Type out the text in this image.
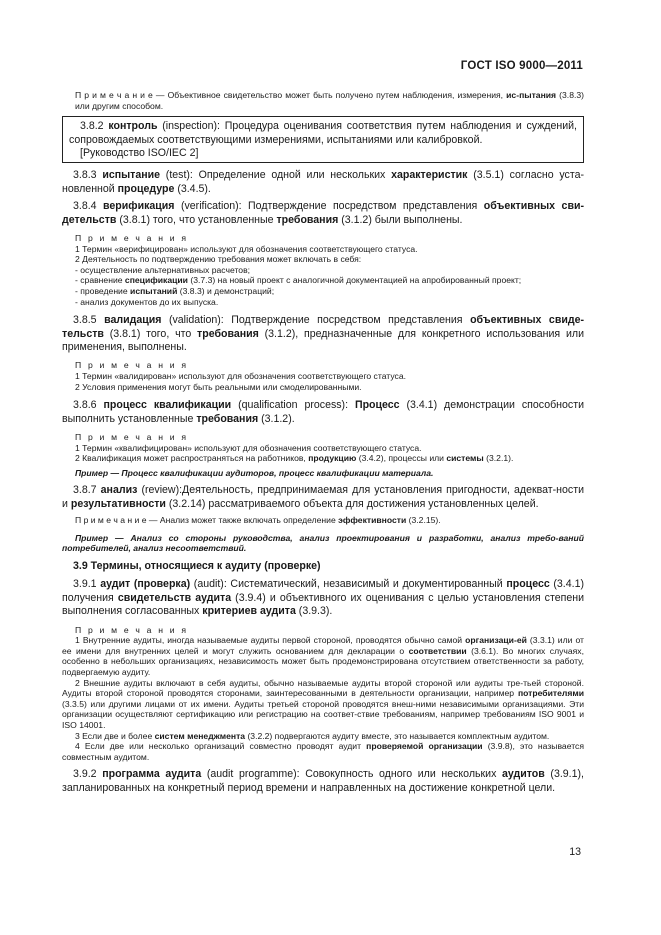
ГОСТ ISO 9000—2011

П р и м е ч а н и е — Объективное свидетельство может быть получено путем наблюдения, измерения, ис-пытания (3.8.3) или другим способом.

3.8.2 контроль (inspection): Процедура оценивания соответствия путем наблюдения и суждений, сопровождаемых соответствующими измерениями, испытаниями или калибровкой.

[Руководство ISO/IEC 2]

3.8.3 испытание (test): Определение одной или нескольких характеристик (3.5.1) согласно уста-новленной процедуре (3.4.5).

3.8.4 верификация (verification): Подтверждение посредством представления объективных сви-детельств (3.8.1) того, что установленные требования (3.1.2) были выполнены.

П р и м е ч а н и я

1 Термин «верифицирован» используют для обозначения соответствующего статуса.

2 Деятельность по подтверждению требования может включать в себя:

- осуществление альтернативных расчетов;

- сравнение спецификации (3.7.3) на новый проект с аналогичной документацией на апробированный проект;

- проведение испытаний (3.8.3) и демонстраций;

- анализ документов до их выпуска.

3.8.5 валидация (validation): Подтверждение посредством представления объективных свиде-тельств (3.8.1) того, что требования (3.1.2), предназначенные для конкретного использования или применения, выполнены.

П р и м е ч а н и я

1 Термин «валидирован» используют для обозначения соответствующего статуса.

2 Условия применения могут быть реальными или смоделированными.

3.8.6 процесс квалификации (qualification process): Процесс (3.4.1) демонстрации способности выполнить установленные требования (3.1.2).

П р и м е ч а н и я

1 Термин «квалифицирован» используют для обозначения соответствующего статуса.

2 Квалификация может распространяться на работников, продукцию (3.4.2), процессы или системы (3.2.1).

Пример — Процесс квалификации аудиторов, процесс квалификации материала.

3.8.7 анализ (review):Деятельность, предпринимаемая для установления пригодности, адекват-ности и результативности (3.2.14) рассматриваемого объекта для достижения установленных целей.

П р и м е ч а н и е — Анализ может также включать определение эффективности (3.2.15).

Пример — Анализ со стороны руководства, анализ проектирования и разработки, анализ требо-ваний потребителей, анализ несоответствий.

3.9 Термины, относящиеся к аудиту (проверке)

3.9.1 аудит (проверка) (audit): Систематический, независимый и документированный процесс (3.4.1) получения свидетельств аудита (3.9.4) и объективного их оценивания с целью установления степени выполнения согласованных критериев аудита (3.9.3).

П р и м е ч а н и я

1 Внутренние аудиты, иногда называемые аудиты первой стороной, проводятся обычно самой организаци-ей (3.3.1) или от ее имени для внутренних целей и могут служить основанием для декларации о соответствии (3.6.1). Во многих случаях, особенно в небольших организациях, независимость может быть продемонстрирована отсутствием ответственности за работу, подвергаемую аудиту.

2 Внешние аудиты включают в себя аудиты, обычно называемые аудиты второй стороной или аудиты тре-тьей стороной. Аудиты второй стороной проводятся сторонами, заинтересованными в деятельности организации, например потребителями (3.3.5) или другими лицами от их имени. Аудиты третьей стороной проводятся внеш-ними независимыми организациями. Эти организации осуществляют сертификацию или регистрацию на соответ-ствие требованиям, например требованиям ISO 9001 и ISO 14001.

3 Если две и более систем менеджмента (3.2.2) подвергаются аудиту вместе, это называется комплектным аудитом.

4 Если две или несколько организаций совместно проводят аудит проверяемой организации (3.9.8), это называется совместным аудитом.

3.9.2 программа аудита (audit programme): Совокупность одного или нескольких аудитов (3.9.1), запланированных на конкретный период времени и направленных на достижение конкретной цели.

13
